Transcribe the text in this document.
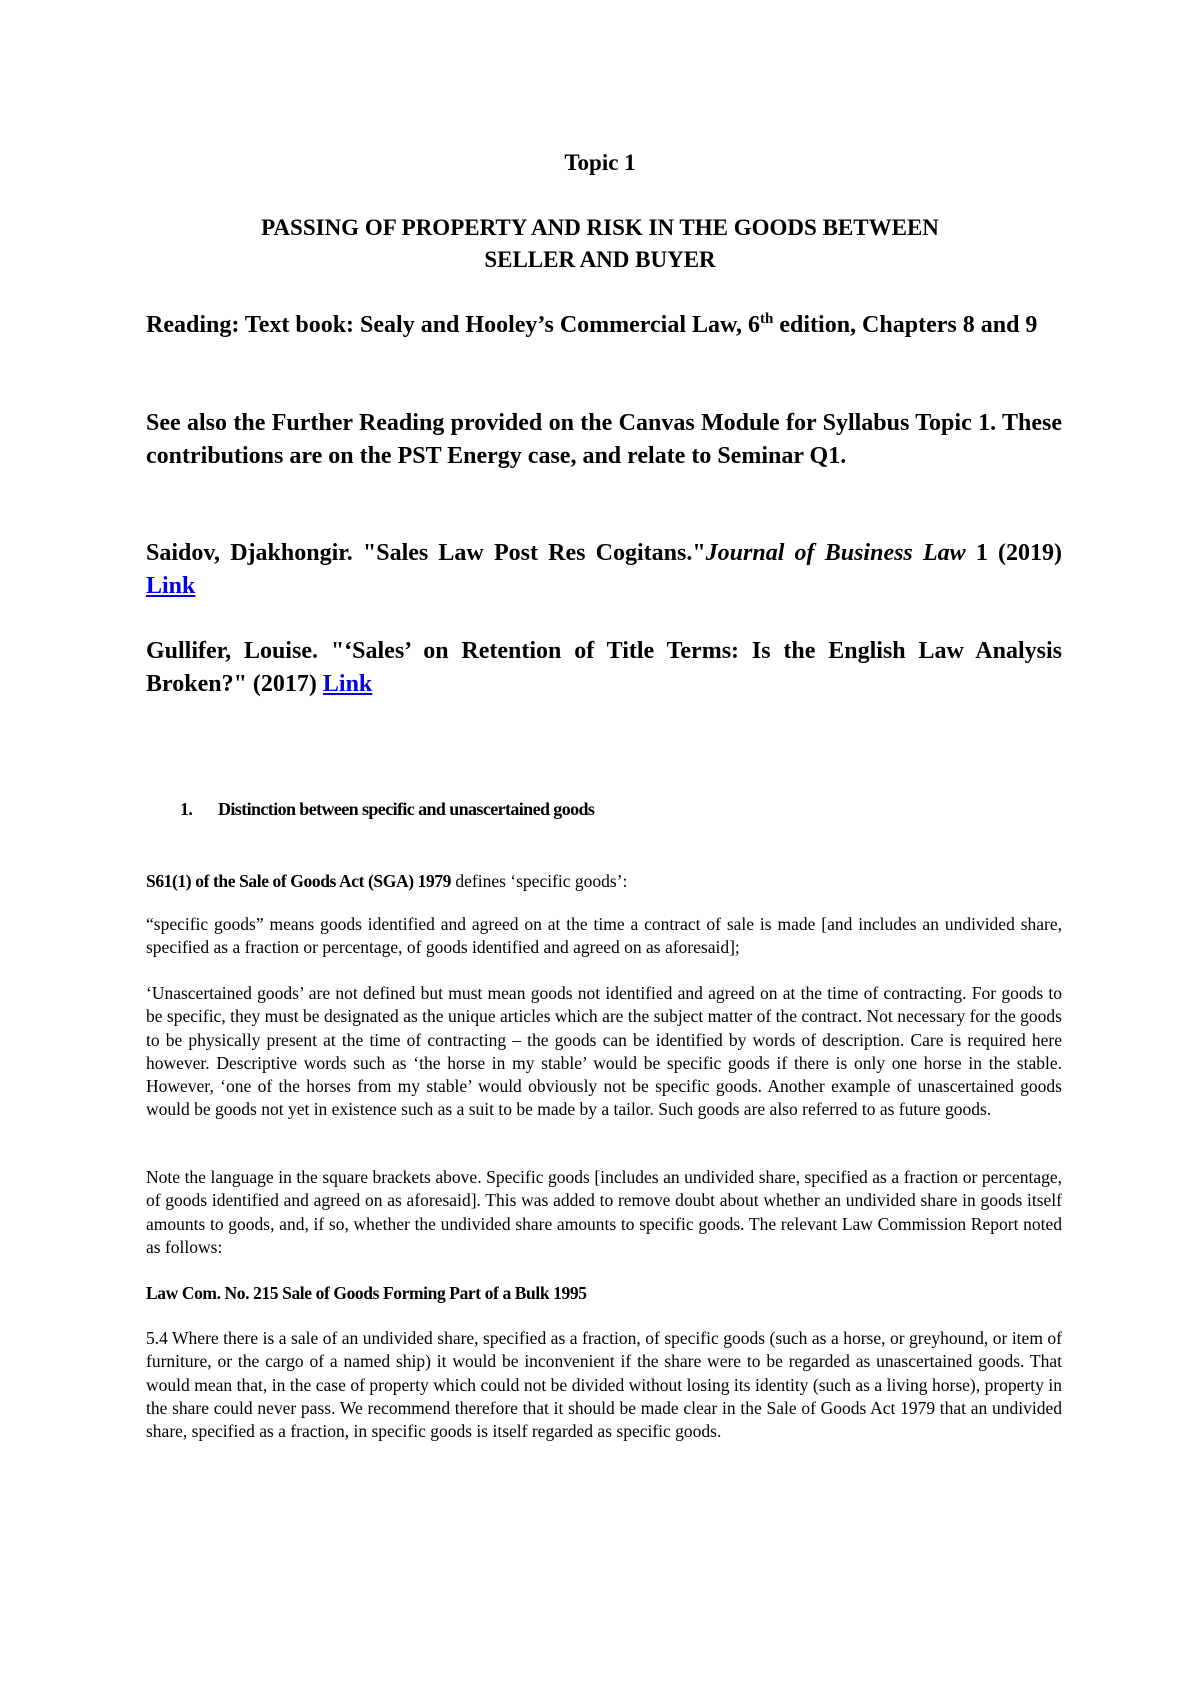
Topic 1

PASSING OF PROPERTY AND RISK IN THE GOODS BETWEEN
SELLER AND BUYER

Reading: Text book: Sealy and Hooley’s Commercial Law, 6th edition, Chapters 8 and 9

See also the Further Reading provided on the Canvas Module for Syllabus Topic 1. These contributions are on the PST Energy case, and relate to Seminar Q1.

Saidov, Djakhongir. "Sales Law Post Res Cogitans."Journal of Business Law 1 (2019) Link

Gullifer, Louise. "‘Sales’ on Retention of Title Terms: Is the English Law Analysis Broken?" (2017) Link

1. Distinction between specific and unascertained goods

S61(1) of the Sale of Goods Act (SGA) 1979 defines ‘specific goods’:

“specific goods” means goods identified and agreed on at the time a contract of sale is made [and includes an undivided share, specified as a fraction or percentage, of goods identified and agreed on as aforesaid];

‘Unascertained goods’ are not defined but must mean goods not identified and agreed on at the time of contracting. For goods to be specific, they must be designated as the unique articles which are the subject matter of the contract. Not necessary for the goods to be physically present at the time of contracting – the goods can be identified by words of description. Care is required here however. Descriptive words such as ‘the horse in my stable’ would be specific goods if there is only one horse in the stable. However, ‘one of the horses from my stable’ would obviously not be specific goods. Another example of unascertained goods would be goods not yet in existence such as a suit to be made by a tailor. Such goods are also referred to as future goods.

Note the language in the square brackets above. Specific goods [includes an undivided share, specified as a fraction or percentage, of goods identified and agreed on as aforesaid]. This was added to remove doubt about whether an undivided share in goods itself amounts to goods, and, if so, whether the undivided share amounts to specific goods. The relevant Law Commission Report noted as follows:

Law Com. No. 215 Sale of Goods Forming Part of a Bulk 1995

5.4 Where there is a sale of an undivided share, specified as a fraction, of specific goods (such as a horse, or greyhound, or item of furniture, or the cargo of a named ship) it would be inconvenient if the share were to be regarded as unascertained goods. That would mean that, in the case of property which could not be divided without losing its identity (such as a living horse), property in the share could never pass. We recommend therefore that it should be made clear in the Sale of Goods Act 1979 that an undivided share, specified as a fraction, in specific goods is itself regarded as specific goods.
